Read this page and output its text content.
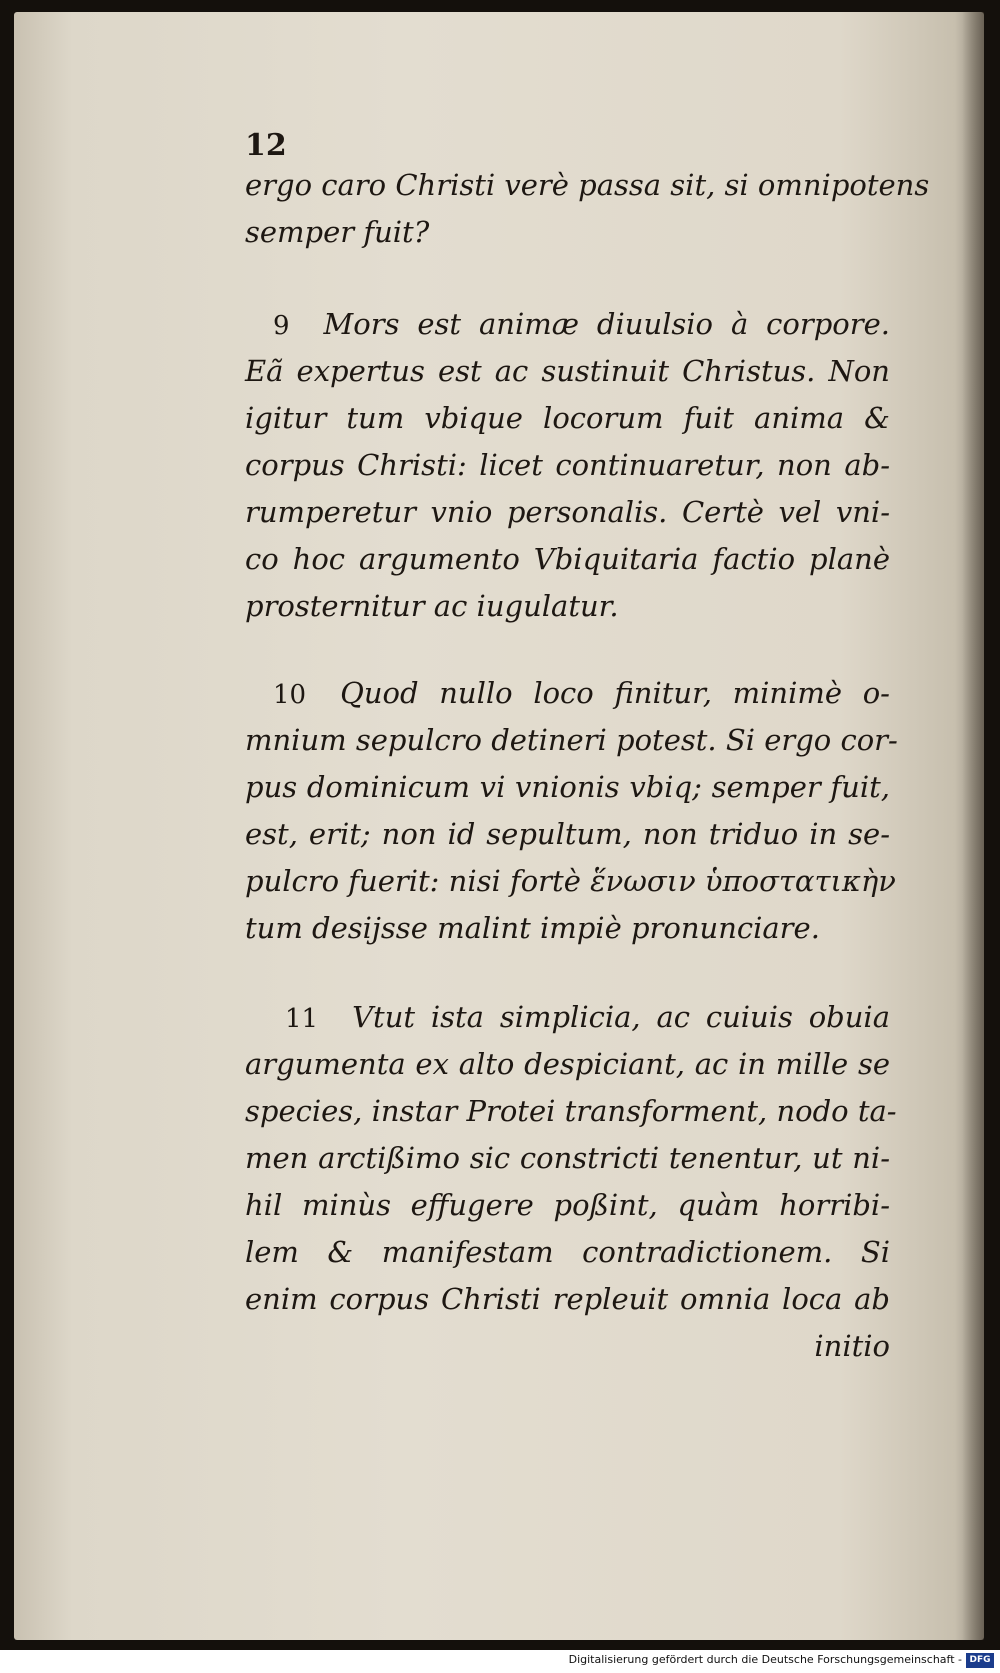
12
ergo caro Christi verè passa sit, si omnipotens
semper fuit?
9 Mors est animæ diuulsio à corpore.
Eã expertus est ac sustinuit Christus. Non
igitur tum vbique locorum fuit anima &
corpus Christi: licet continuaretur, non ab-
rumperetur vnio personalis. Certè vel vni-
co hoc argumento Vbiquitaria factio planè
prosternitur ac iugulatur.
10 Quod nullo loco finitur, minimè o-
mnium sepulcro detineri potest. Si ergo cor-
pus dominicum vi vnionis vbiq; semper fuit,
est, erit; non id sepultum, non triduo in se-
pulcro fuerit: nisi fortè ἕνωσιν ὑποστατικὴν
tum desijsse malint impiè pronunciare.
11 Vtut ista simplicia, ac cuiuis obuia
argumenta ex alto despiciant, ac in mille se
species, instar Protei transforment, nodo ta-
men arctißimo sic constricti tenentur, ut ni-
hil minùs effugere poßint, quàm horribi-
lem & manifestam contradictionem. Si
enim corpus Christi repleuit omnia loca ab
initio
Digitalisierung gefördert durch die Deutsche Forschungsgemeinschaft - DFG
